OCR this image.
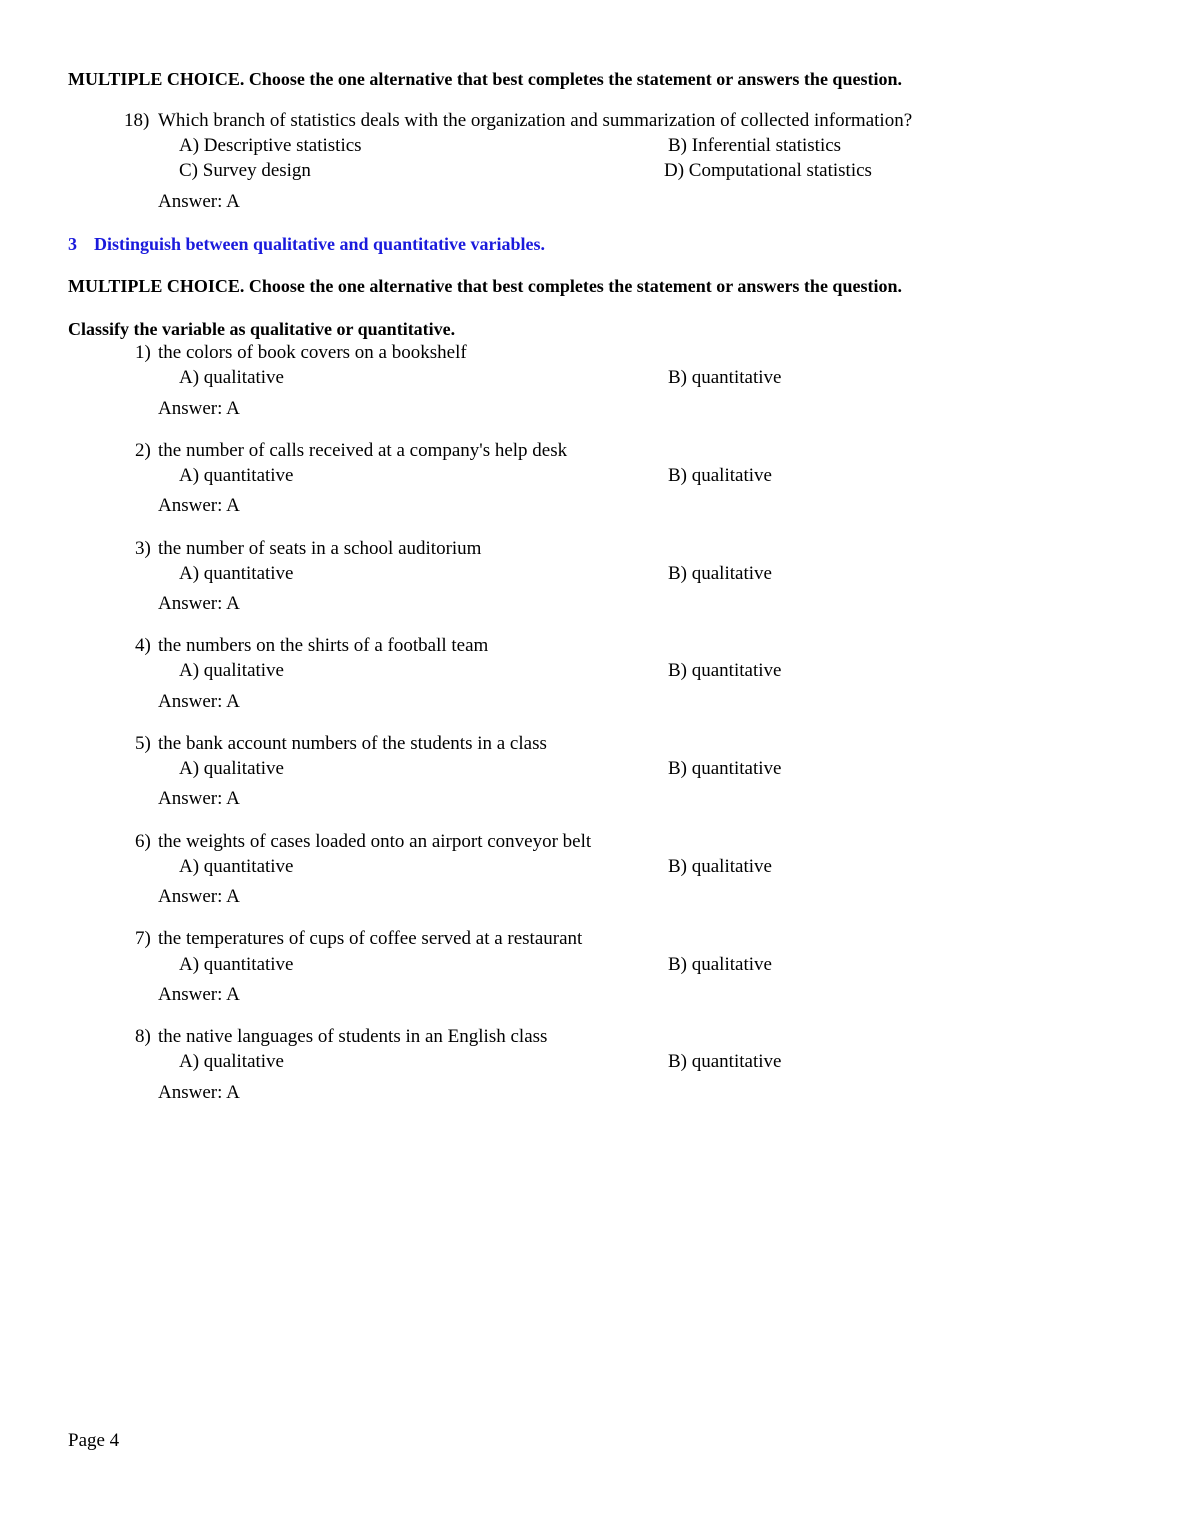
MULTIPLE CHOICE. Choose the one alternative that best completes the statement or answers the question.
18) Which branch of statistics deals with the organization and summarization of collected information?
A) Descriptive statistics	B) Inferential statistics
C) Survey design	D) Computational statistics
Answer: A
3 Distinguish between qualitative and quantitative variables.
MULTIPLE CHOICE. Choose the one alternative that best completes the statement or answers the question.
Classify the variable as qualitative or quantitative.
1) the colors of book covers on a bookshelf
A) qualitative	B) quantitative
Answer: A
2) the number of calls received at a company's help desk
A) quantitative	B) qualitative
Answer: A
3) the number of seats in a school auditorium
A) quantitative	B) qualitative
Answer: A
4) the numbers on the shirts of a football team
A) qualitative	B) quantitative
Answer: A
5) the bank account numbers of the students in a class
A) qualitative	B) quantitative
Answer: A
6) the weights of cases loaded onto an airport conveyor belt
A) quantitative	B) qualitative
Answer: A
7) the temperatures of cups of coffee served at a restaurant
A) quantitative	B) qualitative
Answer: A
8) the native languages of students in an English class
A) qualitative	B) quantitative
Answer: A
Page 4
